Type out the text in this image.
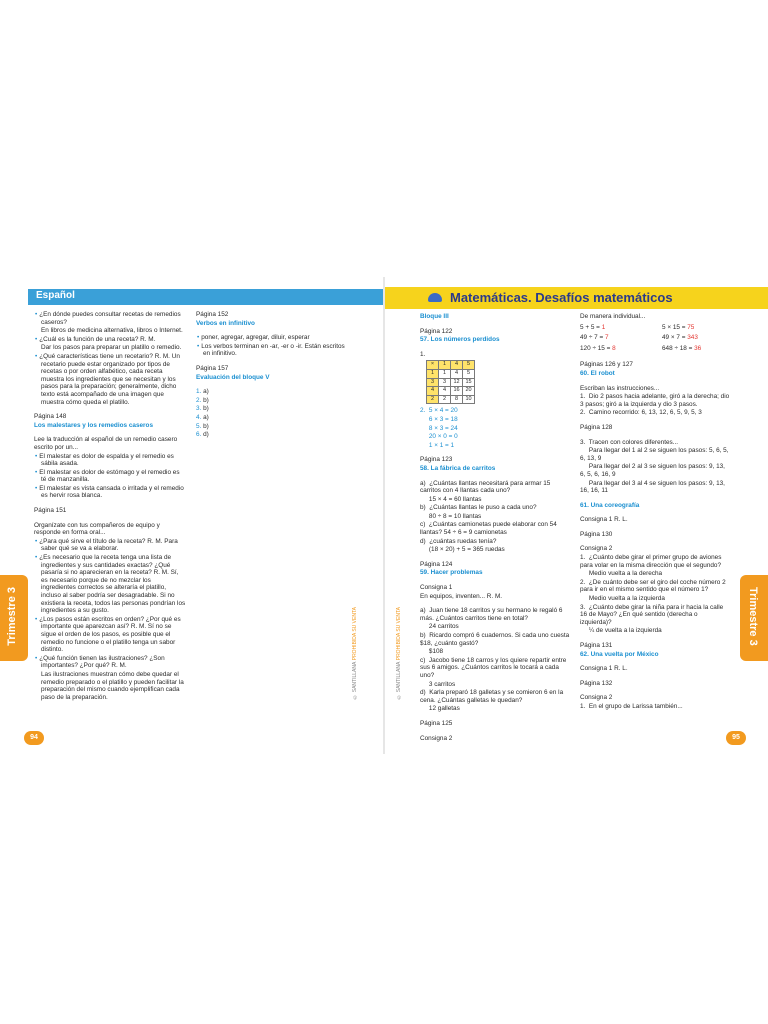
Español

• ¿En dónde puedes consultar recetas de remedios caseros?

En libros de medicina alternativa, libros o Internet.

• ¿Cuál es la función de una receta? R. M.

Dar los pasos para preparar un platillo o remedio.

• ¿Qué características tiene un recetario? R. M. Un recetario puede estar organizado por tipos de recetas o por orden alfabético, cada receta muestra los ingredientes que se necesitan y los pasos para la preparación; generalmente, dicho texto está acompañado de una imagen que muestra cómo queda el platillo.

Página 148

Los malestares y los remedios caseros

Lee la traducción al español de un remedio casero escrito por un...

• El malestar es dolor de espalda y el remedio es sábila asada.

• El malestar es dolor de estómago y el remedio es té de manzanilla.

• El malestar es vista cansada o irritada y el remedio es hervir rosa blanca.

Página 151

Organízate con tus compañeros de equipo y responde en forma oral...

• ¿Para qué sirve el título de la receta? R. M. Para saber qué se va a elaborar.

• ¿Es necesario que la receta tenga una lista de ingredientes y sus cantidades exactas? ¿Qué pasaría si no aparecieran en la receta? R. M. Sí, es necesario porque de no mezclar los ingredientes correctos se alteraría el platillo, incluso al saber podría ser desagradable. Si no existiera la receta, todos las personas pondrían los ingredientes a su gusto.

• ¿Los pasos están escritos en orden? ¿Por qué es importante que aparezcan así? R. M. Sí no se sigue el orden de los pasos, es posible que el remedio no funcione o el platillo tenga un sabor distinto.

• ¿Qué función tienen las ilustraciones? ¿Son importantes? ¿Por qué? R. M.

Las ilustraciones muestran cómo debe quedar el remedio preparado o el platillo y pueden facilitar la preparación del mismo cuando ejemplifican cada paso de la preparación.

Página 152

Verbos en infinitivo

• poner, agregar, agregar, diluir, esperar

• Los verbos terminan en -ar, -er o -ir. Están escritos en infinitivo.

Página 157

Evaluación del bloque V

1. a)

2. b)

3. b)

4. a)

5. b)

6. d)

© SANTILLANA PROHIBIDA SU VENTA
94
Matemáticas. Desafíos matemáticos

Bloque III

Página 122

57. Los números perdidos

1.

×	1	4	5
1	1	4	5
3	3	12	15
4	4	16	20
2	2	8	10

2.  5 × 4 = 20

6 × 3 = 18

8 × 3 = 24

20 × 0 = 0

1 × 1 = 1

Página 123

58. La fábrica de carritos

a)  ¿Cuántas llantas necesitará para armar 15 carritos con 4 llantas cada uno?

15 × 4 = 60 llantas

b)  ¿Cuántas llantas le puso a cada uno?

80 ÷ 8 = 10 llantas

c)  ¿Cuántas camionetas puede elaborar con 54 llantas? 54 ÷ 6 = 9 camionetas

d)  ¿cuántas ruedas tenía?

(18 × 20) + 5 = 365 ruedas

Página 124

59. Hacer problemas

Consigna 1

En equipos, inventen... R. M.

a)  Juan tiene 18 carritos y su hermano le regaló 6 más. ¿Cuántos carritos tiene en total?

24 carritos

b)  Ricardo compró 6 cuadernos. Si cada uno cuesta $18, ¿cuánto gastó?

$108

c)  Jacobo tiene 18 carros y los quiere repartir entre sus 6 amigos. ¿Cuántos carritos le tocará a cada uno?

3 carritos

d)  Karla preparó 18 galletas y se comieron 6 en la cena. ¿Cuántas galletas le quedan?

12 galletas

Página 125

Consigna 2

De manera individual...

5 + 5 = 1	5 × 15 = 75
49 ÷ 7 = 7	49 × 7 = 343
120 ÷ 15 = 8	648 ÷ 18 = 36

Páginas 126 y 127

60. El robot

Escriban las instrucciones...

1.  Dio 2 pasos hacia adelante, giró a la derecha; dio 3 pasos; giró a la izquierda y dio 3 pasos.

2.  Camino recorrido: 6, 13, 12, 6, 5, 9, 5, 3

Página 128

3.  Tracen con colores diferentes...

Para llegar del 1 al 2 se siguen los pasos: 5, 6, 5, 6, 13, 9

Para llegar del 2 al 3 se siguen los pasos: 9, 13, 6, 5, 6, 16, 9

Para llegar del 3 al 4 se siguen los pasos: 9, 13, 16, 16, 11

61. Una coreografía

Consigna 1 R. L.

Página 130

Consigna 2

1.  ¿Cuánto debe girar el primer grupo de aviones para volar en la misma dirección que el segundo?

Medio vuelta a la derecha

2.  ¿De cuánto debe ser el giro del coche número 2 para ir en el mismo sentido que el número 1?

Medio vuelta a la izquierda

3.  ¿Cuánto debe girar la niña para ir hacia la calle 16 de Mayo? ¿En qué sentido (derecha o izquierda)?

¼ de vuelta a la izquierda

Página 131

62. Una vuelta por México

Consigna 1 R. L.

Página 132

Consigna 2

1.  En el grupo de Larissa también...

© SANTILLANA PROHIBIDA SU VENTA
95
Trimestre 3	Trimestre 3
